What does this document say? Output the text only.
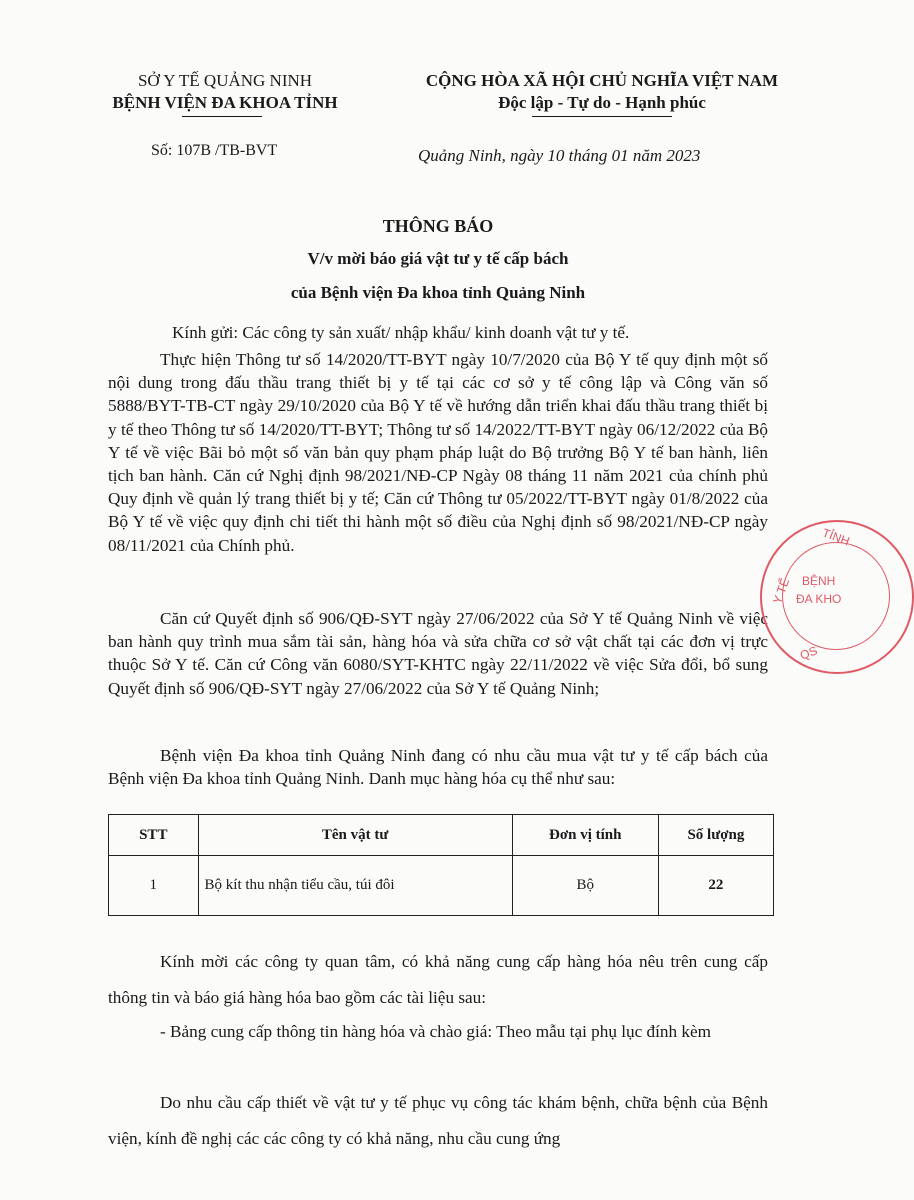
SỞ Y TẾ QUẢNG NINH
BỆNH VIỆN ĐA KHOA TỈNH
CỘNG HÒA XÃ HỘI CHỦ NGHĨA VIỆT NAM
Độc lập - Tự do - Hạnh phúc
Số: 107B /TB-BVT	Quảng Ninh, ngày 10 tháng 01 năm 2023
THÔNG BÁO
V/v mời báo giá vật tư y tế cấp bách
của Bệnh viện Đa khoa tỉnh Quảng Ninh
Kính gửi: Các công ty sản xuất/ nhập khẩu/ kinh doanh vật tư y tế.
Thực hiện Thông tư số 14/2020/TT-BYT ngày 10/7/2020 của Bộ Y tế quy định một số nội dung trong đấu thầu trang thiết bị y tế tại các cơ sở y tế công lập và Công văn số 5888/BYT-TB-CT ngày 29/10/2020 của Bộ Y tế về hướng dẫn triển khai đấu thầu trang thiết bị y tế theo Thông tư số 14/2020/TT-BYT; Thông tư số 14/2022/TT-BYT ngày 06/12/2022 của Bộ Y tế về việc Bãi bỏ một số văn bản quy phạm pháp luật do Bộ trưởng Bộ Y tế ban hành, liên tịch ban hành. Căn cứ Nghị định 98/2021/NĐ-CP Ngày 08 tháng 11 năm 2021 của chính phủ Quy định về quản lý trang thiết bị y tế; Căn cứ Thông tư 05/2022/TT-BYT ngày 01/8/2022 của Bộ Y tế về việc quy định chi tiết thi hành một số điều của Nghị định số 98/2021/NĐ-CP ngày 08/11/2021 của Chính phủ.
Căn cứ Quyết định số 906/QĐ-SYT ngày 27/06/2022 của Sở Y tế Quảng Ninh về việc ban hành quy trình mua sắm tài sản, hàng hóa và sửa chữa cơ sở vật chất tại các đơn vị trực thuộc Sở Y tế. Căn cứ Công văn 6080/SYT-KHTC ngày 22/11/2022 về việc Sửa đổi, bổ sung Quyết định số 906/QĐ-SYT ngày 27/06/2022 của Sở Y tế Quảng Ninh;
Bệnh viện Đa khoa tỉnh Quảng Ninh đang có nhu cầu mua vật tư y tế cấp bách của Bệnh viện Đa khoa tỉnh Quảng Ninh. Danh mục hàng hóa cụ thể như sau:
STT	Tên vật tư	Đơn vị tính	Số lượng
1	Bộ kít thu nhận tiểu cầu, túi đôi	Bộ	22
Kính mời các công ty quan tâm, có khả năng cung cấp hàng hóa nêu trên cung cấp thông tin và báo giá hàng hóa bao gồm các tài liệu sau:
- Bảng cung cấp thông tin hàng hóa và chào giá: Theo mẫu tại phụ lục đính kèm
Do nhu cầu cấp thiết về vật tư y tế phục vụ công tác khám bệnh, chữa bệnh của Bệnh viện, kính đề nghị các các công ty có khả năng, nhu cầu cung ứng
TỈNH
Y TẾ BỆNH
ĐA KHO
QS
